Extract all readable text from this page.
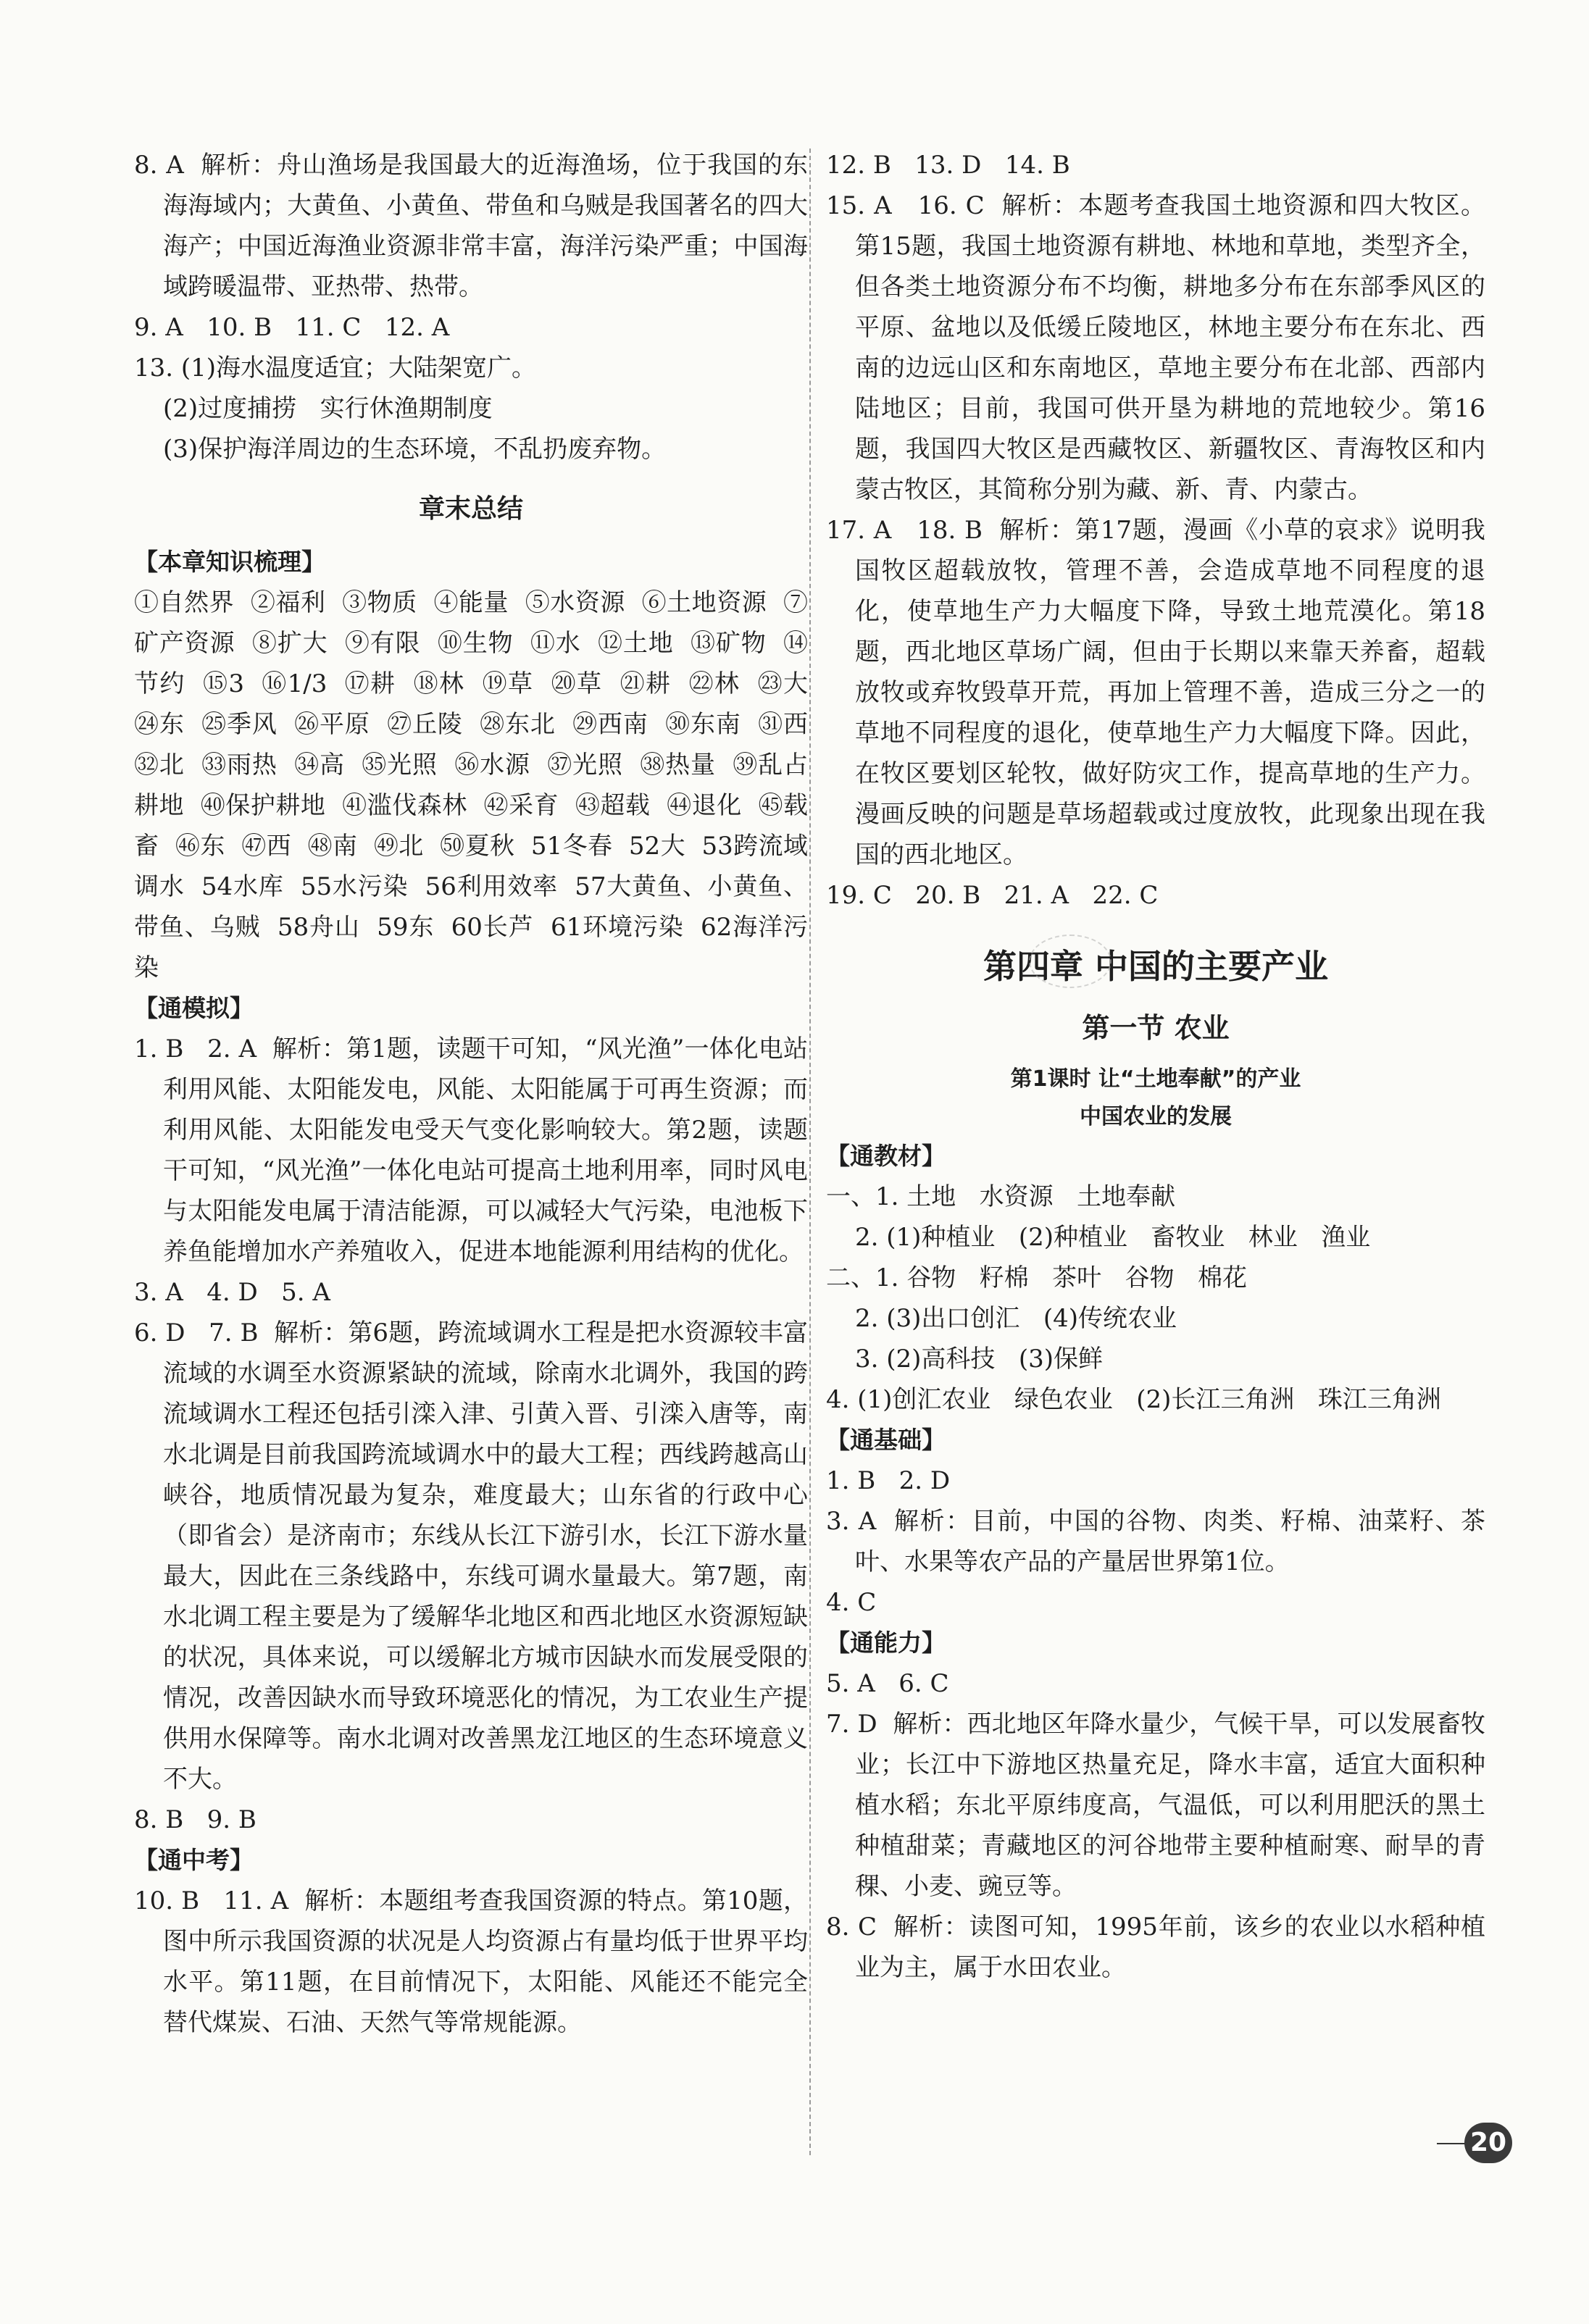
8. A  解析：舟山渔场是我国最大的近海渔场，位于我国的东海海域内；大黄鱼、小黄鱼、带鱼和乌贼是我国著名的四大海产；中国近海渔业资源非常丰富，海洋污染严重；中国海域跨暖温带、亚热带、热带。
9. A   10. B   11. C   12. A
13. (1)海水温度适宜；大陆架宽广。
(2)过度捕捞   实行休渔期制度
(3)保护海洋周边的生态环境，不乱扔废弃物。
章末总结
【本章知识梳理】
①自然界  ②福利  ③物质  ④能量  ⑤水资源  ⑥土地资源  ⑦矿产资源  ⑧扩大  ⑨有限  ⑩生物  ⑪水  ⑫土地  ⑬矿物  ⑭节约  ⑮3  ⑯1/3  ⑰耕  ⑱林  ⑲草  ⑳草  ㉑耕  ㉒林  ㉓大  ㉔东  ㉕季风  ㉖平原  ㉗丘陵  ㉘东北  ㉙西南  ㉚东南  ㉛西  ㉜北  ㉝雨热  ㉞高  ㉟光照  ㊱水源  ㊲光照  ㊳热量  ㊴乱占耕地  ㊵保护耕地  ㊶滥伐森林  ㊷采育  ㊸超载  ㊹退化  ㊺载畜  ㊻东  ㊼西  ㊽南  ㊾北  ㊿夏秋  51冬春  52大  53跨流域调水  54水库  55水污染  56利用效率  57大黄鱼、小黄鱼、带鱼、乌贼  58舟山  59东  60长芦  61环境污染  62海洋污染
【通模拟】
1. B   2. A  解析：第1题，读题干可知，“风光渔”一体化电站利用风能、太阳能发电，风能、太阳能属于可再生资源；而利用风能、太阳能发电受天气变化影响较大。第2题，读题干可知，“风光渔”一体化电站可提高土地利用率，同时风电与太阳能发电属于清洁能源，可以减轻大气污染，电池板下养鱼能增加水产养殖收入，促进本地能源利用结构的优化。
3. A   4. D   5. A
6. D   7. B  解析：第6题，跨流域调水工程是把水资源较丰富流域的水调至水资源紧缺的流域，除南水北调外，我国的跨流域调水工程还包括引滦入津、引黄入晋、引滦入唐等，南水北调是目前我国跨流域调水中的最大工程；西线跨越高山峡谷，地质情况最为复杂，难度最大；山东省的行政中心（即省会）是济南市；东线从长江下游引水，长江下游水量最大，因此在三条线路中，东线可调水量最大。第7题，南水北调工程主要是为了缓解华北地区和西北地区水资源短缺的状况，具体来说，可以缓解北方城市因缺水而发展受限的情况，改善因缺水而导致环境恶化的情况，为工农业生产提供用水保障等。南水北调对改善黑龙江地区的生态环境意义不大。
8. B   9. B
【通中考】
10. B   11. A  解析：本题组考查我国资源的特点。第10题，图中所示我国资源的状况是人均资源占有量均低于世界平均水平。第11题，在目前情况下，太阳能、风能还不能完全替代煤炭、石油、天然气等常规能源。
12. B   13. D   14. B
15. A   16. C  解析：本题考查我国土地资源和四大牧区。第15题，我国土地资源有耕地、林地和草地，类型齐全，但各类土地资源分布不均衡，耕地多分布在东部季风区的平原、盆地以及低缓丘陵地区，林地主要分布在东北、西南的边远山区和东南地区，草地主要分布在北部、西部内陆地区；目前，我国可供开垦为耕地的荒地较少。第16题，我国四大牧区是西藏牧区、新疆牧区、青海牧区和内蒙古牧区，其简称分别为藏、新、青、内蒙古。
17. A   18. B  解析：第17题，漫画《小草的哀求》说明我国牧区超载放牧，管理不善，会造成草地不同程度的退化，使草地生产力大幅度下降，导致土地荒漠化。第18题，西北地区草场广阔，但由于长期以来靠天养畜，超载放牧或弃牧毁草开荒，再加上管理不善，造成三分之一的草地不同程度的退化，使草地生产力大幅度下降。因此，在牧区要划区轮牧，做好防灾工作，提高草地的生产力。漫画反映的问题是草场超载或过度放牧，此现象出现在我国的西北地区。
19. C   20. B   21. A   22. C
第四章 中国的主要产业
第一节 农业
第1课时 让“土地奉献”的产业
中国农业的发展
【通教材】
一、1. 土地   水资源   土地奉献
2. (1)种植业   (2)种植业   畜牧业   林业   渔业
二、1. 谷物   籽棉   茶叶   谷物   棉花
2. (3)出口创汇   (4)传统农业
3. (2)高科技   (3)保鲜
4. (1)创汇农业   绿色农业   (2)长江三角洲   珠江三角洲
【通基础】
1. B   2. D
3. A  解析：目前，中国的谷物、肉类、籽棉、油菜籽、茶叶、水果等农产品的产量居世界第1位。
4. C
【通能力】
5. A   6. C
7. D  解析：西北地区年降水量少，气候干旱，可以发展畜牧业；长江中下游地区热量充足，降水丰富，适宜大面积种植水稻；东北平原纬度高，气温低，可以利用肥沃的黑土种植甜菜；青藏地区的河谷地带主要种植耐寒、耐旱的青稞、小麦、豌豆等。
8. C  解析：读图可知，1995年前，该乡的农业以水稻种植业为主，属于水田农业。
20
